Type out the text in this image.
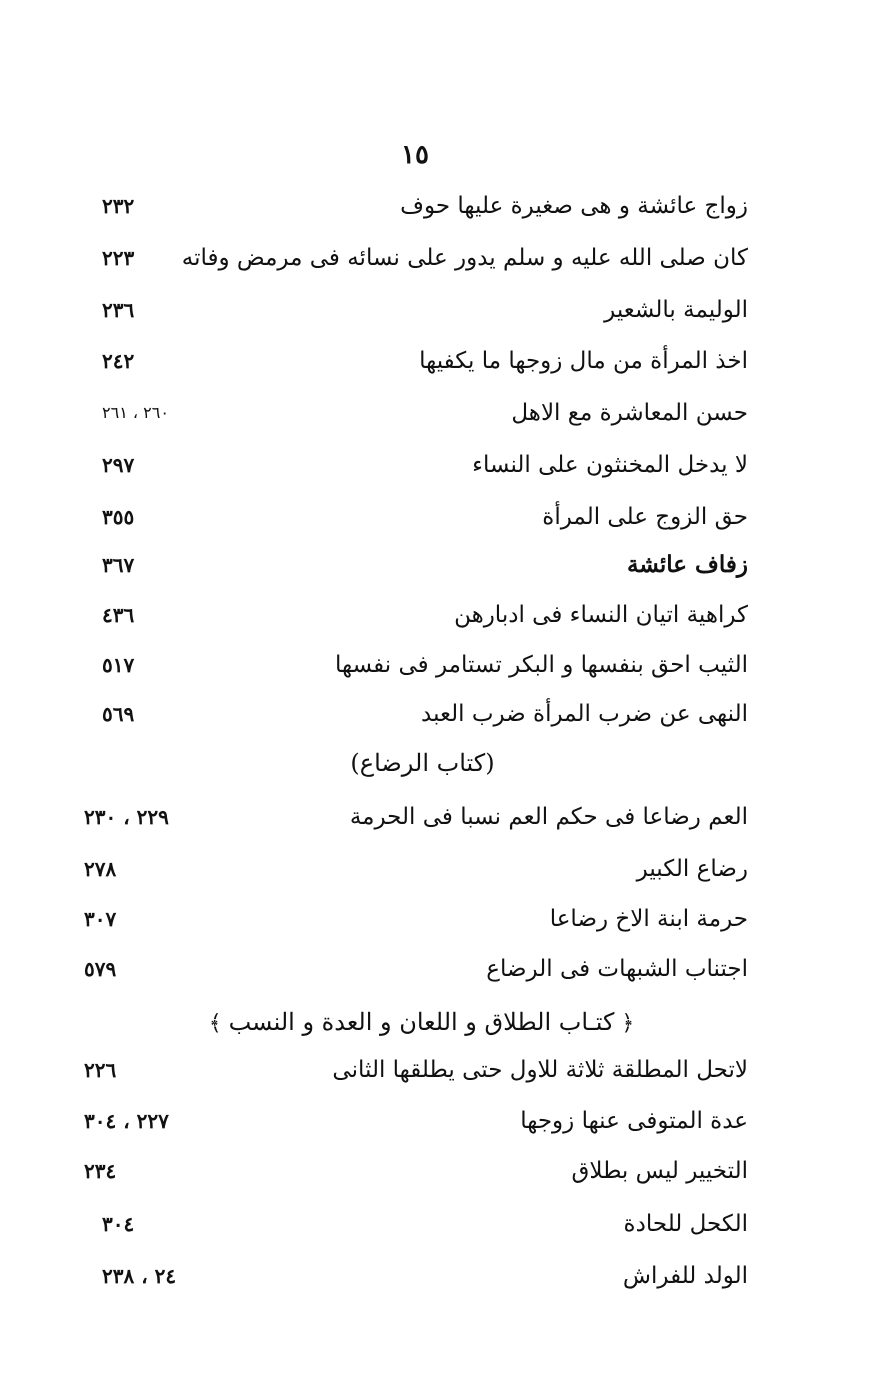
١٥
زواج عائشة و هى صغيرة عليها حوف
٢٣٢
كان صلى الله عليه و سلم يدور على نسائه فى مرمض وفاته
٢٢٣
الوليمة بالشعير
٢٣٦
اخذ المرأة من مال زوجها ما يكفيها
٢٤٢
حسن المعاشرة مع الاهل
٢٦٠ ، ٢٦١
لا يدخل المخنثون على النساء
٢٩٧
حق الزوج على المرأة
٣٥٥
زفاف عائشة
٣٦٧
كراهية اتيان النساء فى ادبارهن
٤٣٦
الثيب احق بنفسها و البكر تستامر فى نفسها
٥١٧
النهى عن ضرب المرأة ضرب العبد
٥٦٩
(كتاب الرضاع)
العم رضاعا فى حكم العم نسبا فى الحرمة
٢٢٩ ، ٢٣٠
رضاع الكبير
٢٧٨
حرمة ابنة الاخ رضاعا
٣٠٧
اجتناب الشبهات فى الرضاع
٥٧٩
﴿ كتـاب الطلاق و اللعان و العدة و النسب ﴾
لاتحل المطلقة ثلاثة للاول حتى يطلقها الثانى
٢٢٦
عدة المتوفى عنها زوجها
٢٢٧ ، ٣٠٤
التخيير ليس بطلاق
٢٣٤
الكحل للحادة
٣٠٤
الولد للفراش
٢٤ ، ٢٣٨
